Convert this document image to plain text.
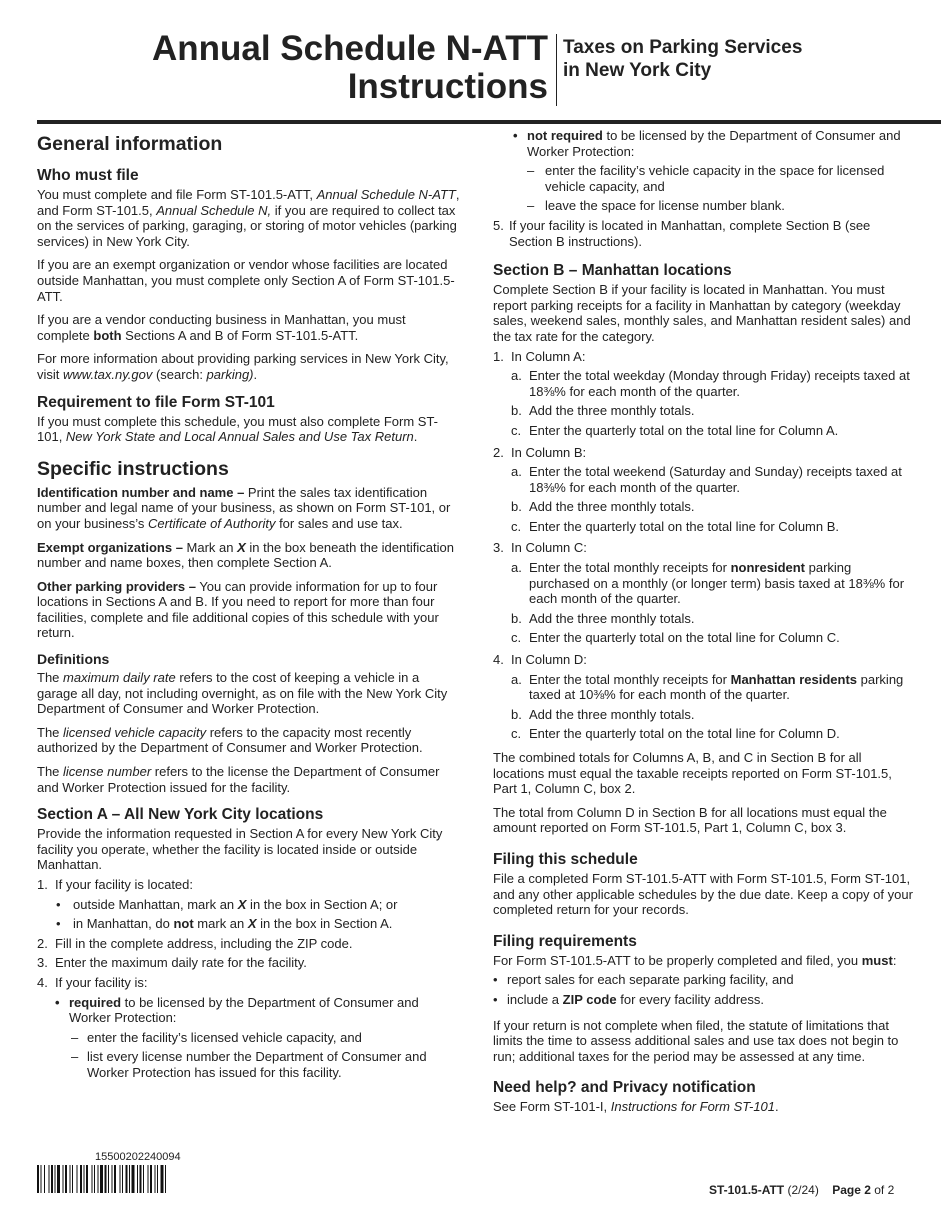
Annual Schedule N-ATT
Instructions
Taxes on Parking Services
in New York City
General information
Who must file

You must complete and file Form ST-101.5-ATT, Annual Schedule N-ATT, and Form ST-101.5, Annual Schedule N, if you are required to collect tax on the services of parking, garaging, or storing of motor vehicles (parking services) in New York City.

If you are an exempt organization or vendor whose facilities are located outside Manhattan, you must complete only Section A of Form ST-101.5-ATT.

If you are a vendor conducting business in Manhattan, you must complete both Sections A and B of Form ST-101.5-ATT.

For more information about providing parking services in New York City, visit www.tax.ny.gov (search: parking).

Requirement to file Form ST-101

If you must complete this schedule, you must also complete Form ST-101, New York State and Local Annual Sales and Use Tax Return.

Specific instructions

Identification number and name – Print the sales tax identification number and legal name of your business, as shown on Form ST-101, or on your business’s Certificate of Authority for sales and use tax.

Exempt organizations – Mark an X in the box beneath the identification number and name boxes, then complete Section A.

Other parking providers – You can provide information for up to four locations in Sections A and B. If you need to report for more than four facilities, complete and file additional copies of this schedule with your return.

Definitions

The maximum daily rate refers to the cost of keeping a vehicle in a garage all day, not including overnight, as on file with the New York City Department of Consumer and Worker Protection.

The licensed vehicle capacity refers to the capacity most recently authorized by the Department of Consumer and Worker Protection.

The license number refers to the license the Department of Consumer and Worker Protection issued for the facility.

Section A – All New York City locations

Provide the information requested in Section A for every New York City facility you operate, whether the facility is located inside or outside Manhattan.

1. If your facility is located:
• outside Manhattan, mark an X in the box in Section A; or
• in Manhattan, do not mark an X in the box in Section A.
2. Fill in the complete address, including the ZIP code.
3. Enter the maximum daily rate for the facility.
4. If your facility is:
• required to be licensed by the Department of Consumer and Worker Protection:
– enter the facility’s licensed vehicle capacity, and
– list every license number the Department of Consumer and Worker Protection has issued for this facility.
• not required to be licensed by the Department of Consumer and Worker Protection:
– enter the facility’s vehicle capacity in the space for licensed vehicle capacity, and
– leave the space for license number blank.
5. If your facility is located in Manhattan, complete Section B (see Section B instructions).
Section B – Manhattan locations

Complete Section B if your facility is located in Manhattan. You must report parking receipts for a facility in Manhattan by category (weekday sales, weekend sales, monthly sales, and Manhattan resident sales) and the tax rate for the category.

1. In Column A:
a. Enter the total weekday (Monday through Friday) receipts taxed at 18⅜% for each month of the quarter.
b. Add the three monthly totals.
c. Enter the quarterly total on the total line for Column A.
2. In Column B:
a. Enter the total weekend (Saturday and Sunday) receipts taxed at 18⅜% for each month of the quarter.
b. Add the three monthly totals.
c. Enter the quarterly total on the total line for Column B.
3. In Column C:
a. Enter the total monthly receipts for nonresident parking purchased on a monthly (or longer term) basis taxed at 18⅜% for each month of the quarter.
b. Add the three monthly totals.
c. Enter the quarterly total on the total line for Column C.
4. In Column D:
a. Enter the total monthly receipts for Manhattan residents parking taxed at 10⅜% for each month of the quarter.
b. Add the three monthly totals.
c. Enter the quarterly total on the total line for Column D.

The combined totals for Columns A, B, and C in Section B for all locations must equal the taxable receipts reported on Form ST-101.5, Part 1, Column C, box 2.

The total from Column D in Section B for all locations must equal the amount reported on Form ST-101.5, Part 1, Column C, box 3.

Filing this schedule

File a completed Form ST-101.5-ATT with Form ST-101.5, Form ST-101, and any other applicable schedules by the due date. Keep a copy of your completed return for your records.

Filing requirements

For Form ST-101.5-ATT to be properly completed and filed, you must:

• report sales for each separate parking facility, and
• include a ZIP code for every facility address.

If your return is not complete when filed, the statute of limitations that limits the time to assess additional sales and use tax does not begin to run; additional taxes for the period may be assessed at any time.

Need help? and Privacy notification

See Form ST-101-I, Instructions for Form ST-101.

15500202240094
ST-101.5-ATT (2/24) Page 2 of 2
